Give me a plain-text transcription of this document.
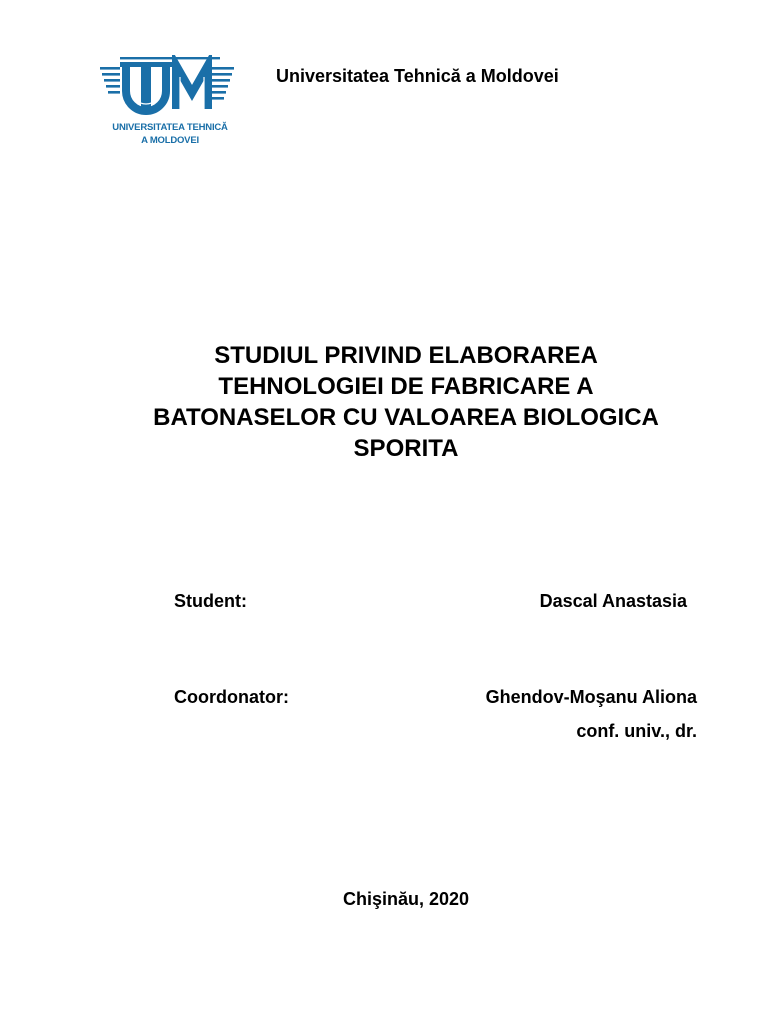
UNIVERSITATEA TEHNICĂ
A MOLDOVEI
Universitatea Tehnică a Moldovei
STUDIUL PRIVIND ELABORAREA
TEHNOLOGIEI DE FABRICARE A
BATONASELOR CU VALOAREA BIOLOGICA
SPORITA
Student:	Dascal Anastasia
Coordonator:	Ghendov-Moşanu Aliona
conf. univ., dr.
Chişinău, 2020
